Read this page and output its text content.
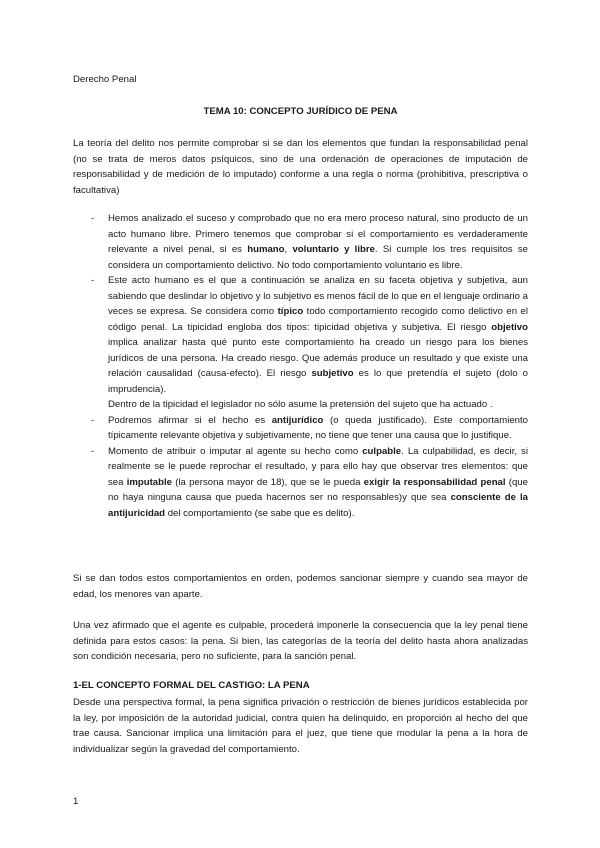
Derecho Penal

TEMA 10: CONCEPTO JURÍDICO DE PENA

La teoría del delito nos permite comprobar si se dan los elementos que fundan la responsabilidad penal (no se trata de meros datos psíquicos, sino de una ordenación de operaciones de imputación de responsabilidad y de medición de lo imputado) conforme a una regla o norma (prohibitiva, prescriptiva o facultativa)

- Hemos analizado el suceso y comprobado que no era mero proceso natural, sino producto de un acto humano libre. Primero tenemos que comprobar si el comportamiento es verdaderamente relevante a nivel penal, si es humano, voluntario y libre. Si cumple los tres requisitos se considera un comportamiento delictivo. No todo comportamiento voluntario es libre.
- Este acto humano es el que a continuación se analiza en su faceta objetiva y subjetiva, aun sabiendo que deslindar lo objetivo y lo subjetivo es menos fácil de lo que en el lenguaje ordinario a veces se expresa. Se considera como típico todo comportamiento recogido como delictivo en el código penal. La tipicidad engloba dos tipos: tipicidad objetiva y subjetiva. El riesgo objetivo implica analizar hasta qué punto este comportamiento ha creado un riesgo para los bienes jurídicos de una persona. Ha creado riesgo. Que además produce un resultado y que existe una relación causalidad (causa-efecto). El riesgo subjetivo es lo que pretendía el sujeto (dolo o imprudencia).
Dentro de la tipicidad el legislador no sólo asume la pretensión del sujeto que ha actuado .
- Podremos afirmar si el hecho es antijurídico (o queda justificado). Este comportamiento típicamente relevante objetiva y subjetivamente, no tiene que tener una causa que lo justifique.
- Momento de atribuir o imputar al agente su hecho como culpable. La culpabilidad, es decir, si realmente se le puede reprochar el resultado, y para ello hay que observar tres elementos: que sea imputable (la persona mayor de 18), que se le pueda exigir la responsabilidad penal (que no haya ninguna causa que pueda hacernos ser no responsables)y que sea consciente de la antijuricidad del comportamiento (se sabe que es delito).

Si se dan todos estos comportamientos en orden, podemos sancionar siempre y cuando sea mayor de edad, los menores van aparte.

Una vez afirmado que el agente es culpable, procederá imponerle la consecuencia que la ley penal tiene definida para estos casos: la pena. Si bien, las categorías de la teoría del delito hasta ahora analizadas son condición necesaria, pero no suficiente, para la sanción penal.

1-EL CONCEPTO FORMAL DEL CASTIGO: LA PENA

Desde una perspectiva formal, la pena significa privación o restricción de bienes jurídicos establecida por la ley, por imposición de la autoridad judicial, contra quien ha delinquido, en proporción al hecho del que trae causa. Sancionar implica una limitación para el juez, que tiene que modular la pena a la hora de individualizar según la gravedad del comportamiento.

1
